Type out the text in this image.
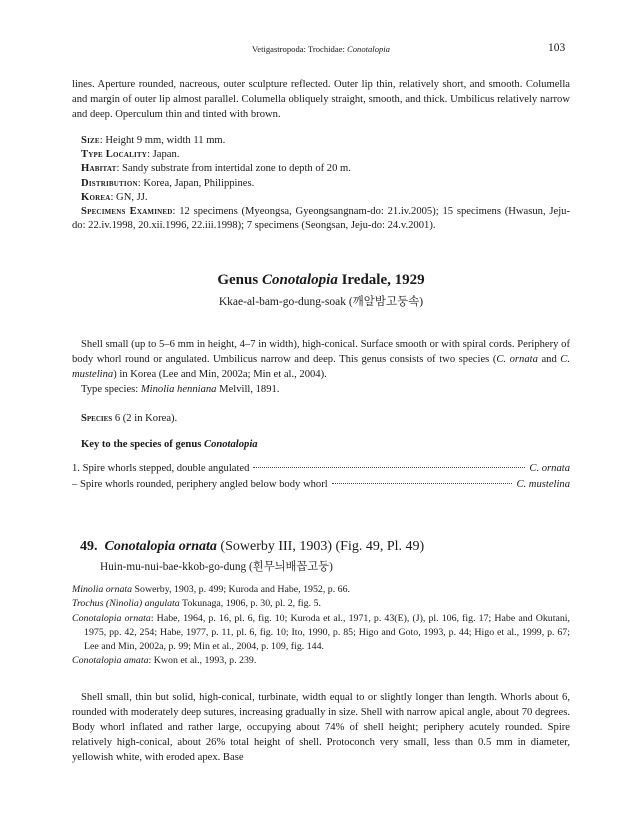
Vetigastropoda: Trochidae: Conotalopia	103

lines. Aperture rounded, nacreous, outer sculpture reflected. Outer lip thin, relatively short, and smooth. Columella and margin of outer lip almost parallel. Columella obliquely straight, smooth, and thick. Umbilicus relatively narrow and deep. Operculum thin and tinted with brown.

Size: Height 9 mm, width 11 mm.
Type Locality: Japan.
Habitat: Sandy substrate from intertidal zone to depth of 20 m.
Distribution: Korea, Japan, Philippines.
Korea: GN, JJ.
Specimens Examined: 12 specimens (Myeongsa, Gyeongsangnam-do: 21.iv.2005); 15 specimens (Hwasun, Jeju-do: 22.iv.1998, 20.xii.1996, 22.iii.1998); 7 specimens (Seongsan, Jeju-do: 24.v.2001).
Genus Conotalopia Iredale, 1929
Kkae-al-bam-go-dung-soak (깨알밤고둥속)

Shell small (up to 5–6 mm in height, 4–7 in width), high-conical. Surface smooth or with spiral cords. Periphery of body whorl round or angulated. Umbilicus narrow and deep. This genus consists of two species (C. ornata and C. mustelina) in Korea (Lee and Min, 2002a; Min et al., 2004).

Type species: Minolia henniana Melvill, 1891.

Species 6 (2 in Korea).
Key to the species of genus Conotalopia
1. Spire whorls stepped, double angulated	C. ornata
– Spire whorls rounded, periphery angled below body whorl	C. mustelina
49. Conotalopia ornata (Sowerby III, 1903) (Fig. 49, Pl. 49)
Huin-mu-nui-bae-kkob-go-dung (흰무늬배꼽고둥)
Minolia ornata Sowerby, 1903, p. 499; Kuroda and Habe, 1952, p. 66.
Trochus (Ninolia) angulata Tokunaga, 1906, p. 30, pl. 2, fig. 5.
Conotalopia ornata: Habe, 1964, p. 16, pl. 6, fig. 10; Kuroda et al., 1971, p. 43(E), (J), pl. 106, fig. 17; Habe and Okutani, 1975, pp. 42, 254; Habe, 1977, p. 11, pl. 6, fig. 10; Ito, 1990, p. 85; Higo and Goto, 1993, p. 44; Higo et al., 1999, p. 67; Lee and Min, 2002a, p. 99; Min et al., 2004, p. 109, fig. 144.
Conotalopia amata: Kwon et al., 1993, p. 239.

Shell small, thin but solid, high-conical, turbinate, width equal to or slightly longer than length. Whorls about 6, rounded with moderately deep sutures, increasing gradually in size. Shell with narrow apical angle, about 70 degrees. Body whorl inflated and rather large, occupying about 74% of shell height; periphery acutely rounded. Spire relatively high-conical, about 26% total height of shell. Protoconch very small, less than 0.5 mm in diameter, yellowish white, with eroded apex. Base
